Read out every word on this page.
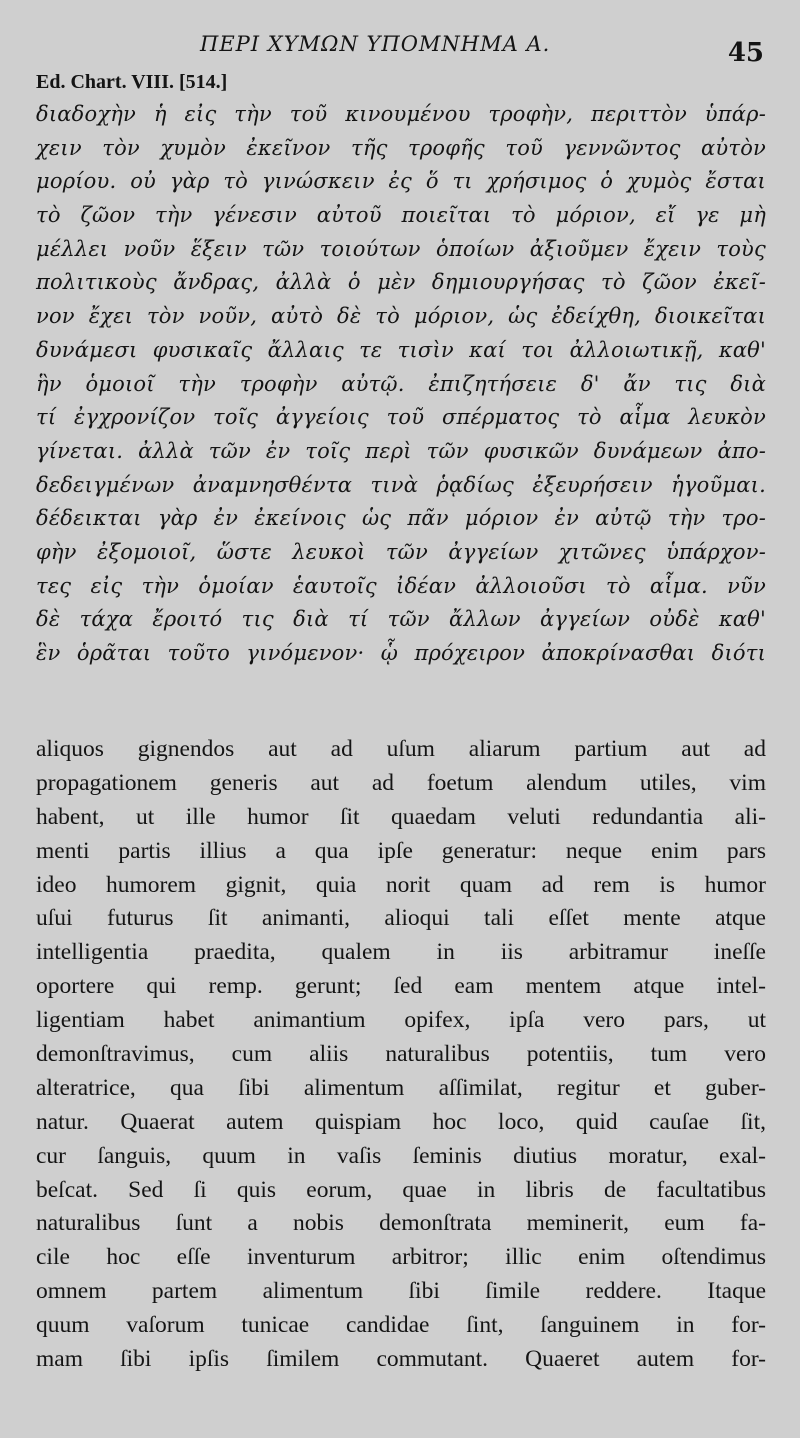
ΠΕΡΙ ΧΥΜΩΝ ΥΠΟΜΝΗΜΑ Α.	45
Ed. Chart. VIII. [514.]
διαδοχὴν ἡ εἰς τὴν τοῦ κινουμένου τροφὴν, περιττὸν ὑπάρ-
χειν τὸν χυμὸν ἐκεῖνον τῆς τροφῆς τοῦ γεννῶντος αὐτὸν
μορίου. οὐ γὰρ τὸ γινώσκειν ἐς ὅ τι χρήσιμος ὁ χυμὸς ἔσται
τὸ ζῶον τὴν γένεσιν αὐτοῦ ποιεῖται τὸ μόριον, εἴ γε μὴ
μέλλει νοῦν ἕξειν τῶν τοιούτων ὁποίων ἀξιοῦμεν ἔχειν τοὺς
πολιτικοὺς ἄνδρας, ἀλλὰ ὁ μὲν δημιουργήσας τὸ ζῶον ἐκεῖ-
νον ἔχει τὸν νοῦν, αὐτὸ δὲ τὸ μόριον, ὡς ἐδείχθη, διοικεῖται
δυνάμεσι φυσικαῖς ἄλλαις τε τισὶν καί τοι ἀλλοιωτικῇ, καθ'
ἣν ὁμοιοῖ τὴν τροφὴν αὐτῷ. ἐπιζητήσειε δ' ἄν τις διὰ
τί ἐγχρονίζον τοῖς ἀγγείοις τοῦ σπέρματος τὸ αἷμα λευκὸν
γίνεται. ἀλλὰ τῶν ἐν τοῖς περὶ τῶν φυσικῶν δυνάμεων ἀπο-
δεδειγμένων ἀναμνησθέντα τινὰ ῥᾳδίως ἐξευρήσειν ἡγοῦμαι.
δέδεικται γὰρ ἐν ἐκείνοις ὡς πᾶν μόριον ἐν αὐτῷ τὴν τρο-
φὴν ἐξομοιοῖ, ὥστε λευκοὶ τῶν ἀγγείων χιτῶνες ὑπάρχον-
τες εἰς τὴν ὁμοίαν ἑαυτοῖς ἰδέαν ἀλλοιοῦσι τὸ αἷμα. νῦν
δὲ τάχα ἔροιτό τις διὰ τί τῶν ἄλλων ἀγγείων οὐδὲ καθ'
ἓν ὁρᾶται τοῦτο γινόμενον· ᾧ πρόχειρον ἀποκρίνασθαι διότι
aliquos gignendos aut ad uſum aliarum partium aut ad
propagationem generis aut ad foetum alendum utiles, vim
habent, ut ille humor ſit quaedam veluti redundantia ali-
menti partis illius a qua ipſe generatur: neque enim pars
ideo humorem gignit, quia norit quam ad rem is humor
uſui futurus ſit animanti, alioqui tali eſſet mente atque
intelligentia praedita, qualem in iis arbitramur ineſſe
oportere qui remp. gerunt; ſed eam mentem atque intel-
ligentiam habet animantium opifex, ipſa vero pars, ut
demonſtravimus, cum aliis naturalibus potentiis, tum vero
alteratrice, qua ſibi alimentum aſſimilat, regitur et guber-
natur. Quaerat autem quispiam hoc loco, quid cauſae ſit,
cur ſanguis, quum in vaſis ſeminis diutius moratur, exal-
beſcat. Sed ſi quis eorum, quae in libris de facultatibus
naturalibus ſunt a nobis demonſtrata meminerit, eum fa-
cile hoc eſſe inventurum arbitror; illic enim oſtendimus
omnem partem alimentum ſibi ſimile reddere. Itaque
quum vaſorum tunicae candidae ſint, ſanguinem in for-
mam ſibi ipſis ſimilem commutant. Quaeret autem for-
